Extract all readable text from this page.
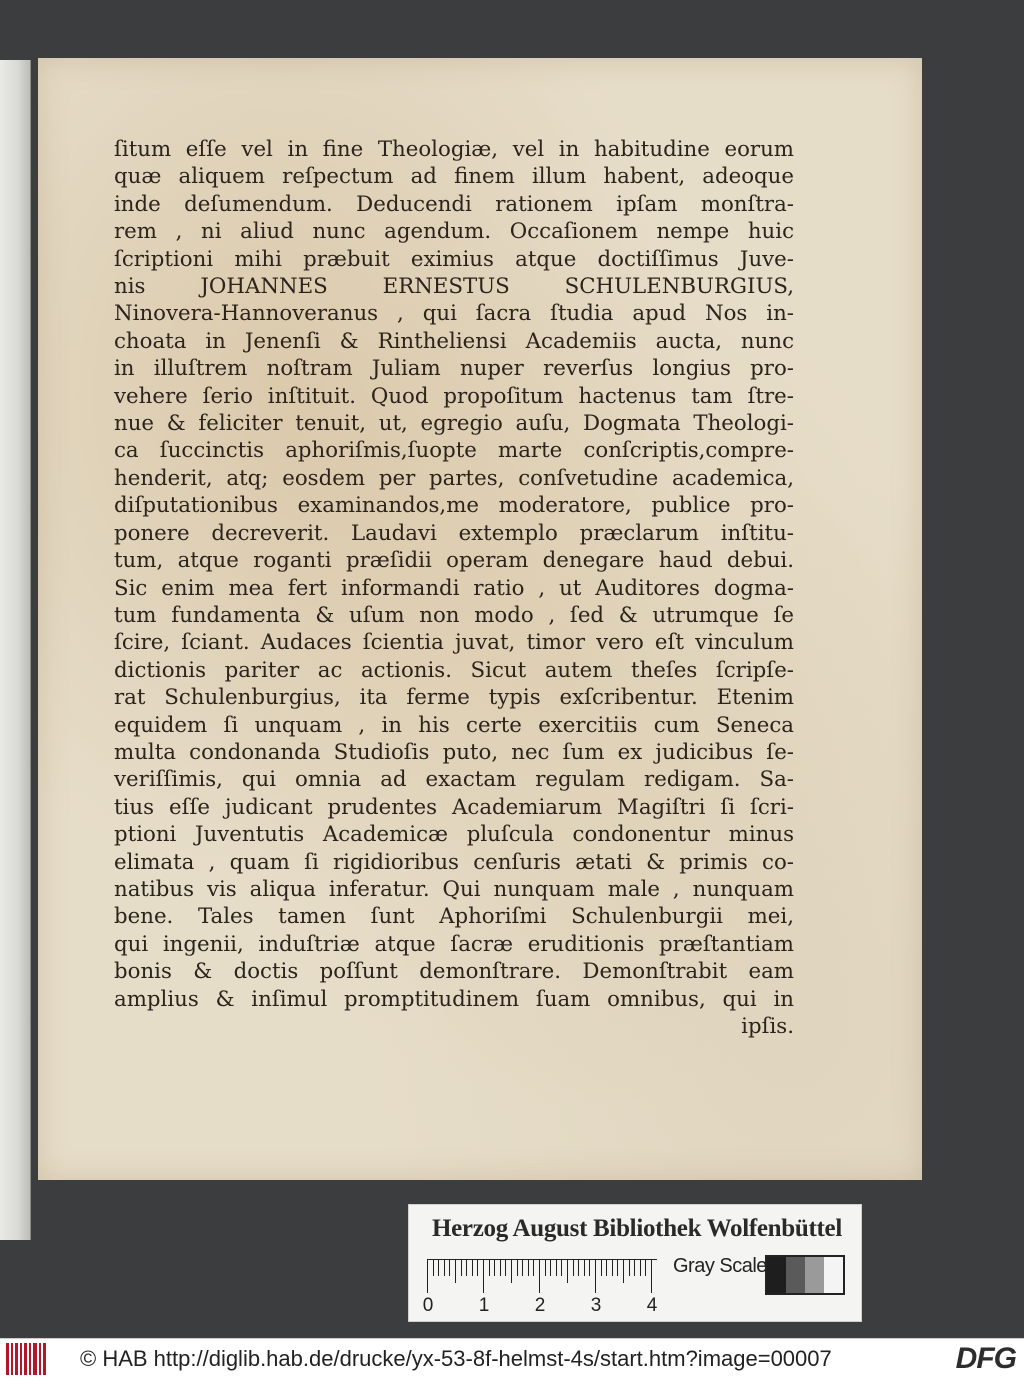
ſitum eſſe vel in fine Theologiæ, vel in habitudine eorum
quæ aliquem reſpectum ad finem illum habent, adeoque
inde deſumendum. Deducendi rationem ipſam monſtra-
rem , ni aliud nunc agendum. Occaſionem nempe huic
ſcriptioni mihi præbuit eximius atque doctiſſimus Juve-
nis JOHANNES ERNESTUS SCHULENBURGIUS,
Ninovera-Hannoveranus , qui ſacra ſtudia apud Nos in-
choata in Jenenſi & Rintheliensi Academiis aucta, nunc
in illuſtrem noſtram Juliam nuper reverſus longius pro-
vehere ſerio inſtituit. Quod propoſitum hactenus tam ſtre-
nue & feliciter tenuit, ut, egregio auſu, Dogmata Theologi-
ca ſuccinctis aphoriſmis,ſuopte marte conſcriptis,compre-
henderit, atq; eosdem per partes, conſvetudine academica,
diſputationibus examinandos,me moderatore, publice pro-
ponere decreverit. Laudavi extemplo præclarum inſtitu-
tum, atque roganti præſidii operam denegare haud debui.
Sic enim mea fert informandi ratio , ut Auditores dogma-
tum fundamenta & uſum non modo , ſed & utrumque ſe
ſcire, ſciant. Audaces ſcientia juvat, timor vero eſt vinculum
dictionis pariter ac actionis. Sicut autem theſes ſcripſe-
rat Schulenburgius, ita ferme typis exſcribentur. Etenim
equidem ſi unquam , in his certe exercitiis cum Seneca
multa condonanda Studioſis puto, nec ſum ex judicibus ſe-
veriſſimis, qui omnia ad exactam regulam redigam. Sa-
tius eſſe judicant prudentes Academiarum Magiſtri ſi ſcri-
ptioni Juventutis Academicæ pluſcula condonentur minus
elimata , quam ſi rigidioribus cenſuris ætati & primis co-
natibus vis aliqua inferatur. Qui nunquam male , nunquam
bene. Tales tamen ſunt Aphoriſmi Schulenburgii mei,
qui ingenii, induſtriæ atque ſacræ eruditionis præſtantiam
bonis & doctis poſſunt demonſtrare. Demonſtrabit eam
amplius & inſimul promptitudinem ſuam omnibus, qui in
ipſis.
Herzog August Bibliothek Wolfenbüttel
0 1 2 3 4
Gray Scale
© HAB http://diglib.hab.de/drucke/yx-53-8f-helmst-4s/start.htm?image=00007	DFG
